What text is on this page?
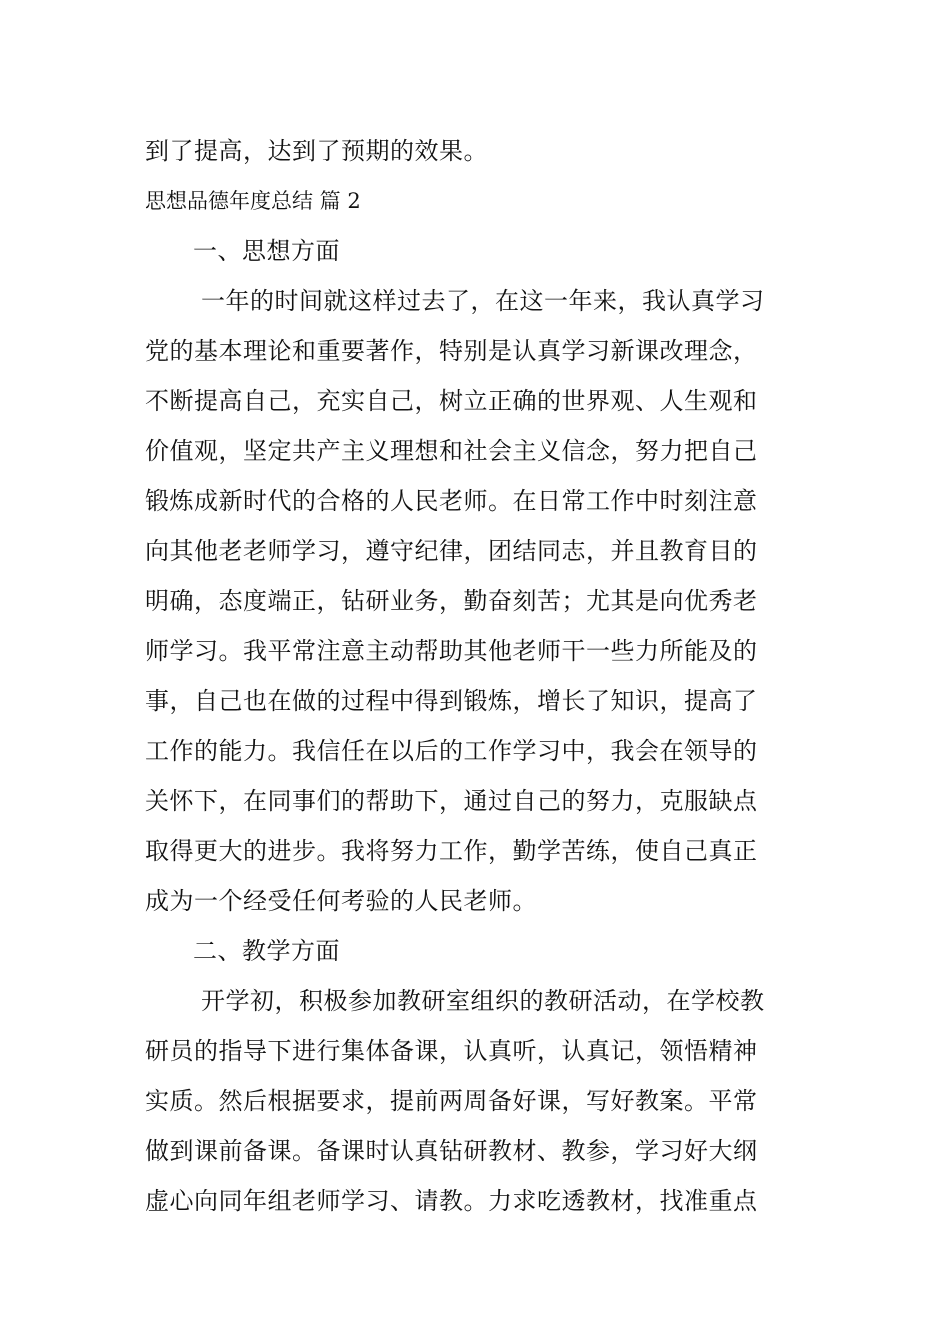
到了提高，达到了预期的效果。
思想品德年度总结 篇 2
一、思想方面
一年的时间就这样过去了，在这一年来，我认真学习
党的基本理论和重要著作，特别是认真学习新课改理念，
不断提高自己，充实自己，树立正确的世界观、人生观和
价值观，坚定共产主义理想和社会主义信念，努力把自己
锻炼成新时代的合格的人民老师。在日常工作中时刻注意
向其他老老师学习，遵守纪律，团结同志，并且教育目的
明确，态度端正，钻研业务，勤奋刻苦；尤其是向优秀老
师学习。我平常注意主动帮助其他老师干一些力所能及的
事，自己也在做的过程中得到锻炼，增长了知识，提高了
工作的能力。我信任在以后的工作学习中，我会在领导的
关怀下，在同事们的帮助下，通过自己的努力，克服缺点
取得更大的进步。我将努力工作，勤学苦练，使自己真正
成为一个经受任何考验的人民老师。
二、教学方面
开学初，积极参加教研室组织的教研活动，在学校教
研员的指导下进行集体备课，认真听，认真记，领悟精神
实质。然后根据要求，提前两周备好课，写好教案。平常
做到课前备课。备课时认真钻研教材、教参，学习好大纲
虚心向同年组老师学习、请教。力求吃透教材，找准重点
